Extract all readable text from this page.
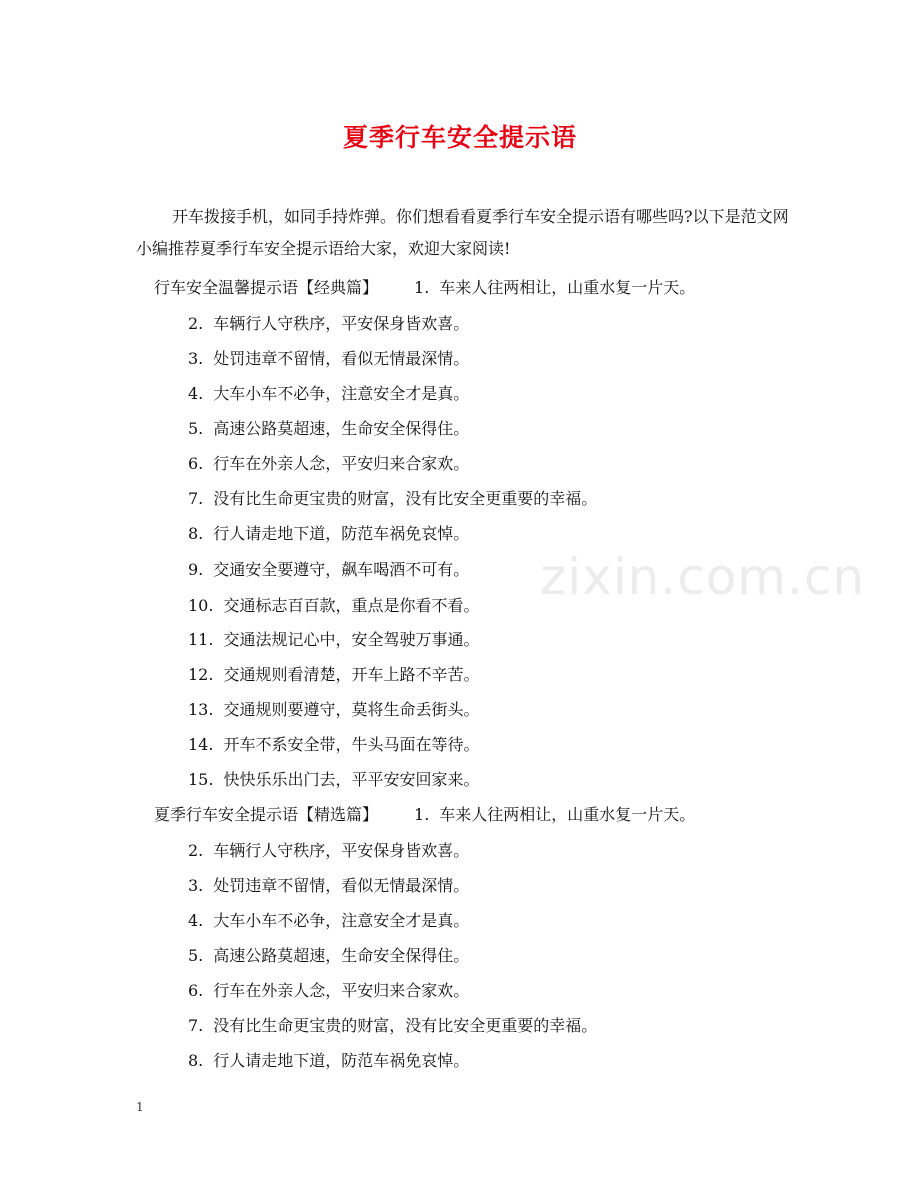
夏季行车安全提示语
开车拨接手机，如同手持炸弹。你们想看看夏季行车安全提示语有哪些吗?以下是范文网小编推荐夏季行车安全提示语给大家，欢迎大家阅读!
zixin.com.cn
行车安全温馨提示语【经典篇】 1. 车来人往两相让，山重水复一片天。
2. 车辆行人守秩序，平安保身皆欢喜。
3. 处罚违章不留情，看似无情最深情。
4. 大车小车不必争，注意安全才是真。
5. 高速公路莫超速，生命安全保得住。
6. 行车在外亲人念，平安归来合家欢。
7. 没有比生命更宝贵的财富，没有比安全更重要的幸福。
8. 行人请走地下道，防范车祸免哀悼。
9. 交通安全要遵守，飙车喝酒不可有。
10. 交通标志百百款，重点是你看不看。
11. 交通法规记心中，安全驾驶万事通。
12. 交通规则看清楚，开车上路不辛苦。
13. 交通规则要遵守，莫将生命丢街头。
14. 开车不系安全带，牛头马面在等待。
15. 快快乐乐出门去，平平安安回家来。
夏季行车安全提示语【精选篇】 1. 车来人往两相让，山重水复一片天。
2. 车辆行人守秩序，平安保身皆欢喜。
3. 处罚违章不留情，看似无情最深情。
4. 大车小车不必争，注意安全才是真。
5. 高速公路莫超速，生命安全保得住。
6. 行车在外亲人念，平安归来合家欢。
7. 没有比生命更宝贵的财富，没有比安全更重要的幸福。
8. 行人请走地下道，防范车祸免哀悼。
1
